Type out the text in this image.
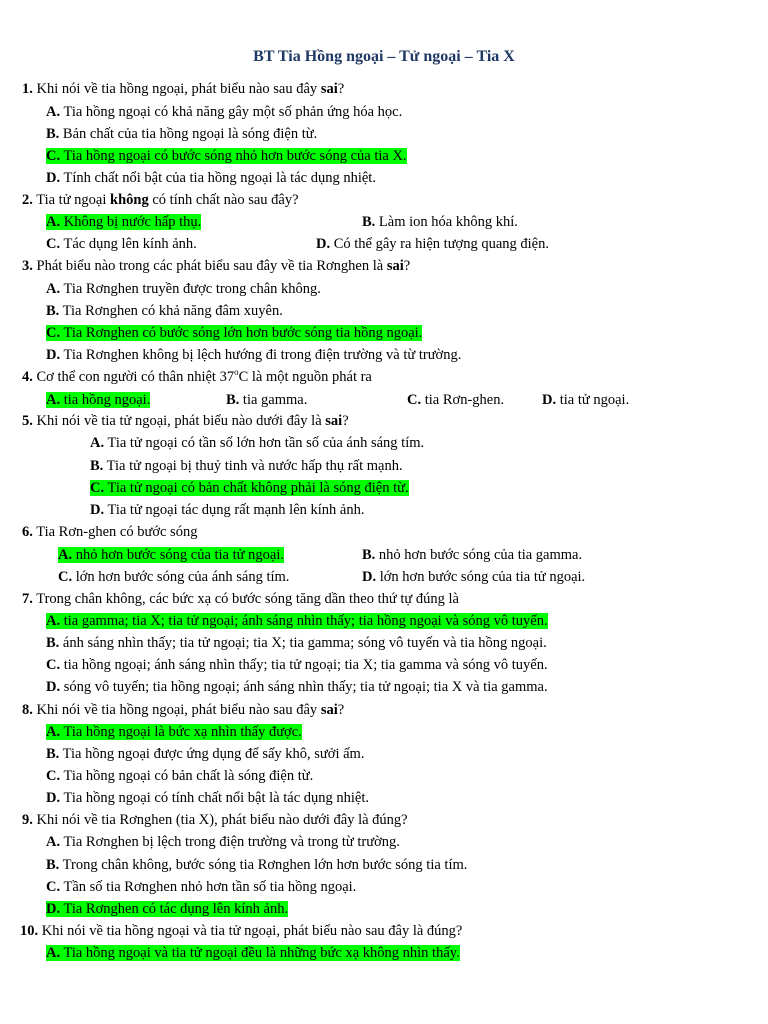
BT Tia Hồng ngoại – Tử ngoại – Tia X
1. Khi nói về tia hồng ngoại, phát biểu nào sau đây sai?
A. Tia hồng ngoại có khả năng gây một số phản ứng hóa học.
B. Bản chất của tia hồng ngoại là sóng điện từ.
C. Tia hồng ngoại có bước sóng nhỏ hơn bước sóng của tia X.
D. Tính chất nổi bật của tia hồng ngoại là tác dụng nhiệt.
2. Tia tử ngoại không có tính chất nào sau đây?
A. Không bị nước hấp thụ.	B. Làm ion hóa không khí.
C. Tác dụng lên kính ảnh.	D. Có thể gây ra hiện tượng quang điện.
3. Phát biểu nào trong các phát biểu sau đây về tia Rơnghen là sai?
A. Tia Rơnghen truyền được trong chân không.
B. Tia Rơnghen có khả năng đâm xuyên.
C. Tia Rơnghen có bước sóng lớn hơn bước sóng tia hồng ngoại.
D. Tia Rơnghen không bị lệch hướng đi trong điện trường và từ trường.
4. Cơ thể con người có thân nhiệt 37$^o$C là một nguồn phát ra
A. tia hồng ngoại.	B. tia gamma.	C. tia Rơn-ghen.	D. tia tử ngoại.
5. Khi nói về tia tử ngoại, phát biểu nào dưới đây là sai?
A. Tia tử ngoại có tần số lớn hơn tần số của ánh sáng tím.
B. Tia tử ngoại bị thuỷ tinh và nước hấp thụ rất mạnh.
C. Tia tử ngoại có bản chất không phải là sóng điện từ.
D. Tia tử ngoại tác dụng rất mạnh lên kính ảnh.
6. Tia Rơn-ghen có bước sóng
A. nhỏ hơn bước sóng của tia tử ngoại.	B. nhỏ hơn bước sóng của tia gamma.
C. lớn hơn bước sóng của ánh sáng tím.	D. lớn hơn bước sóng của tia tử ngoại.
7. Trong chân không, các bức xạ có bước sóng tăng dần theo thứ tự đúng là
A. tia gamma; tia X; tia tử ngoại; ánh sáng nhìn thấy; tia hồng ngoại và sóng vô tuyến.
B. ánh sáng nhìn thấy; tia tử ngoại; tia X; tia gamma; sóng vô tuyến và tia hồng ngoại.
C. tia hồng ngoại; ánh sáng nhìn thấy; tia tử ngoại; tia X; tia gamma và sóng vô tuyến.
D. sóng vô tuyến; tia hồng ngoại; ánh sáng nhìn thấy; tia tử ngoại; tia X và tia gamma.
8. Khi nói về tia hồng ngoại, phát biểu nào sau đây sai?
A. Tia hồng ngoại là bức xạ nhìn thấy được.
B. Tia hồng ngoại được ứng dụng để sấy khô, sưởi ấm.
C. Tia hồng ngoại có bản chất là sóng điện từ.
D. Tia hồng ngoại có tính chất nổi bật là tác dụng nhiệt.
9. Khi nói về tia Rơnghen (tia X), phát biểu nào dưới đây là đúng?
A. Tia Rơnghen bị lệch trong điện trường và trong từ trường.
B. Trong chân không, bước sóng tia Rơnghen lớn hơn bước sóng tia tím.
C. Tần số tia Rơnghen nhỏ hơn tần số tia hồng ngoại.
D. Tia Rơnghen có tác dụng lên kính ảnh.
10. Khi nói về tia hồng ngoại và tia tử ngoại, phát biểu nào sau đây là đúng?
A. Tia hồng ngoại và tia tử ngoại đều là những bức xạ không nhìn thấy.
